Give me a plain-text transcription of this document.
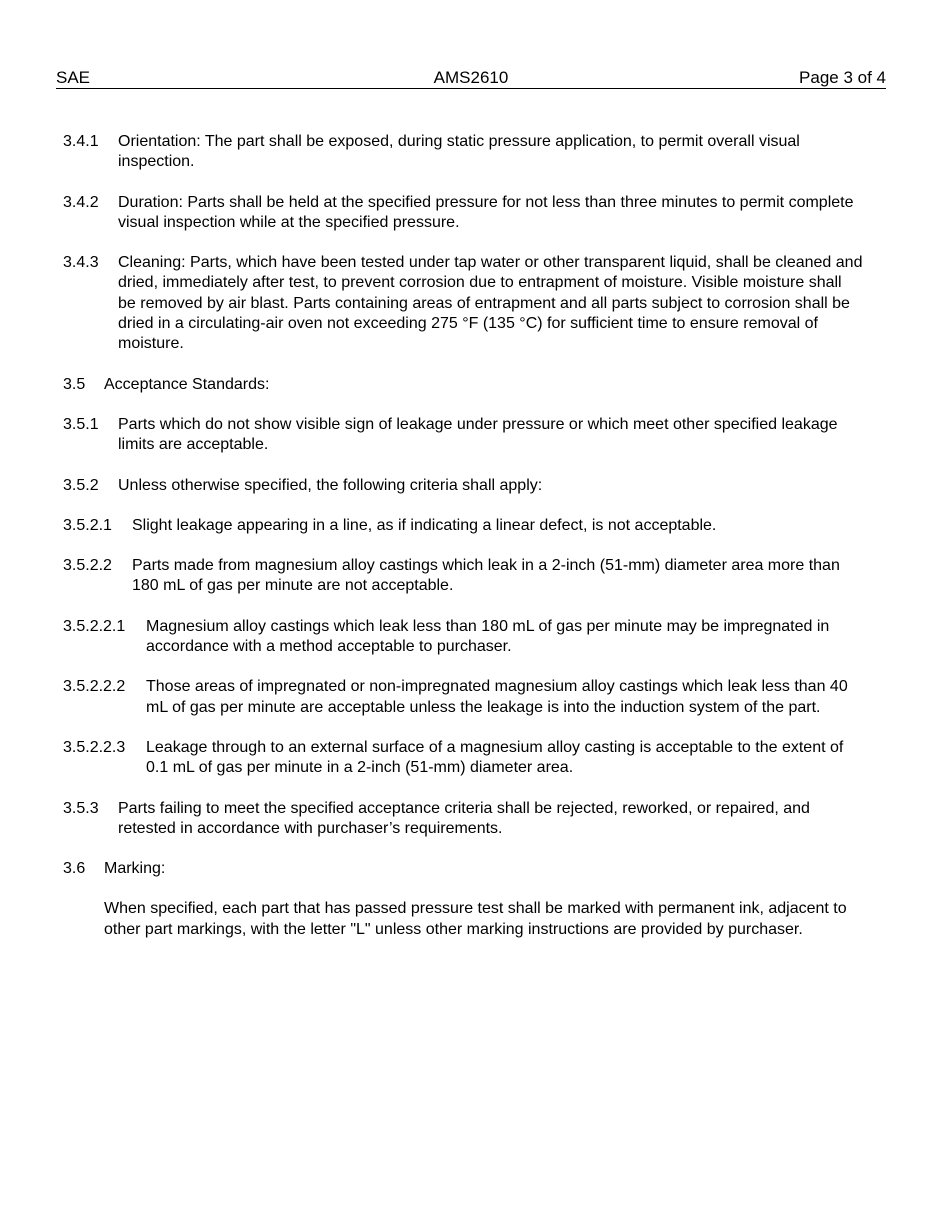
SAE	AMS2610	Page 3 of 4
3.4.1 Orientation: The part shall be exposed, during static pressure application, to permit overall visual inspection.
3.4.2 Duration: Parts shall be held at the specified pressure for not less than three minutes to permit complete visual inspection while at the specified pressure.
3.4.3 Cleaning: Parts, which have been tested under tap water or other transparent liquid, shall be cleaned and dried, immediately after test, to prevent corrosion due to entrapment of moisture. Visible moisture shall be removed by air blast. Parts containing areas of entrapment and all parts subject to corrosion shall be dried in a circulating-air oven not exceeding 275 °F (135 °C) for sufficient time to ensure removal of moisture.
3.5 Acceptance Standards:
3.5.1 Parts which do not show visible sign of leakage under pressure or which meet other specified leakage limits are acceptable.
3.5.2 Unless otherwise specified, the following criteria shall apply:
3.5.2.1 Slight leakage appearing in a line, as if indicating a linear defect, is not acceptable.
3.5.2.2 Parts made from magnesium alloy castings which leak in a 2-inch (51-mm) diameter area more than 180 mL of gas per minute are not acceptable.
3.5.2.2.1 Magnesium alloy castings which leak less than 180 mL of gas per minute may be impregnated in accordance with a method acceptable to purchaser.
3.5.2.2.2 Those areas of impregnated or non-impregnated magnesium alloy castings which leak less than 40 mL of gas per minute are acceptable unless the leakage is into the induction system of the part.
3.5.2.2.3 Leakage through to an external surface of a magnesium alloy casting is acceptable to the extent of 0.1 mL of gas per minute in a 2-inch (51-mm) diameter area.
3.5.3 Parts failing to meet the specified acceptance criteria shall be rejected, reworked, or repaired, and retested in accordance with purchaser’s requirements.
3.6 Marking:
When specified, each part that has passed pressure test shall be marked with permanent ink, adjacent to other part markings, with the letter "L" unless other marking instructions are provided by purchaser.
